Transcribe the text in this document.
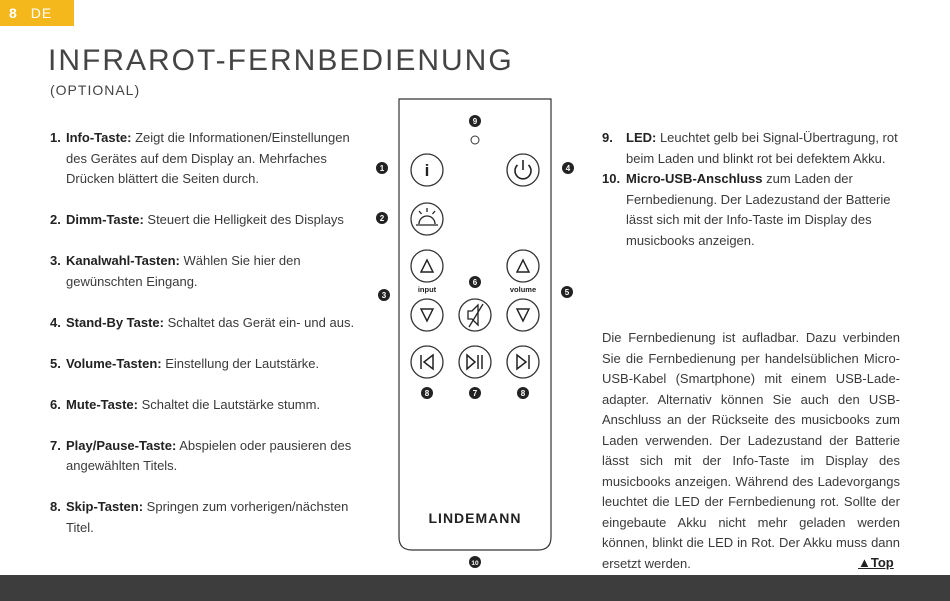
8 DE
INFRAROT-FERNBEDIENUNG
(OPTIONAL)
1. Info-Taste: Zeigt die Informationen/Einstellungen des Gerätes auf dem Display an. Mehrfaches Drücken blättert die Seiten durch.
2. Dimm-Taste: Steuert die Helligkeit des Displays
3. Kanalwahl-Tasten: Wählen Sie hier den gewünschten Eingang.
4. Stand-By Taste: Schaltet das Gerät ein- und aus.
5. Volume-Tasten: Einstellung der Lautstärke.
6. Mute-Taste: Schaltet die Lautstärke stumm.
7. Play/Pause-Taste: Abspielen oder pausieren des angewählten Titels.
8. Skip-Tasten: Springen zum vorherigen/nächsten Titel.
9. LED: Leuchtet gelb bei Signal-Übertragung, rot beim Laden und blinkt rot bei defektem Akku.
10. Micro-USB-Anschluss zum Laden der Fernbedienung. Der Ladezustand der Batterie lässt sich mit der Info-Taste im Display des musicbooks anzeigen.
Die Fernbedienung ist aufladbar. Dazu verbinden Sie die Fernbedienung per handelsüblichen Micro-USB-Kabel (Smartphone) mit einem USB-Lade-adapter. Alternativ können Sie auch den USB-Anschluss an der Rückseite des musicbooks zum Laden verwenden. Der Ladezustand der Batterie lässt sich mit der Info-Taste im Display des musicbooks anzeigen. Während des Ladevorgangs leuchtet die LED der Fernbedienung rot. Sollte der eingebaute Akku nicht mehr geladen werden können, blinkt die LED in Rot. Der Akku muss dann ersetzt werden.	▲Top
i
input	volume
LINDEMANN
9
1	4
2
6
3	5
8	7	8
10
